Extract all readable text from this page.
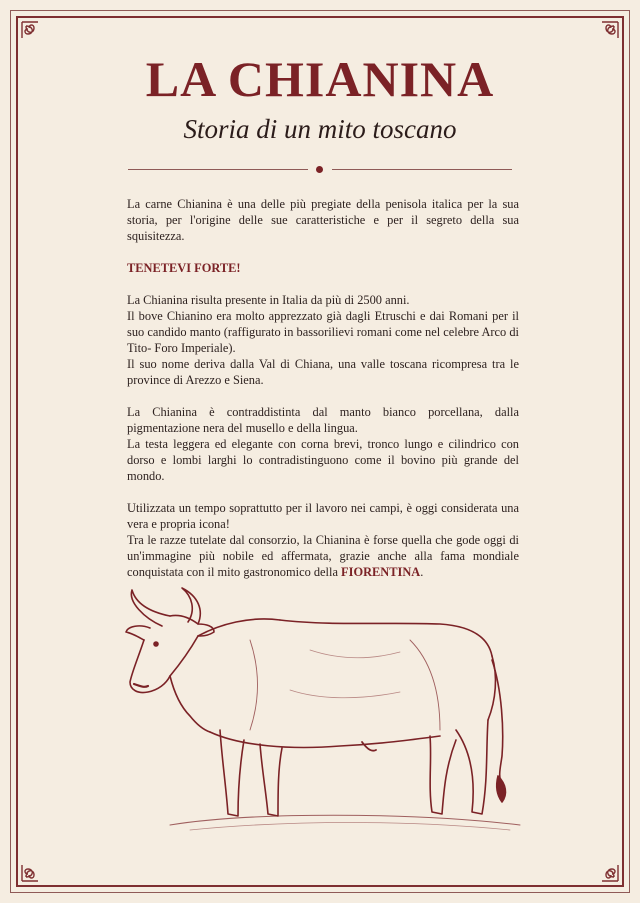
LA CHIANINA
Storia di un mito toscano

La carne Chianina è una delle più pregiate della penisola italica per la sua storia, per l'origine delle sue caratteristiche e per il segreto della sua squisitezza.

TENETEVI FORTE!

La Chianina risulta presente in Italia da più di 2500 anni.
Il bove Chianino era molto apprezzato già dagli Etruschi e dai Romani per il suo candido manto (raffigurato in bassorilievi romani come nel celebre Arco di Tito- Foro Imperiale).
Il suo nome deriva dalla Val di Chiana, una valle toscana ricompresa tra le province di Arezzo e Siena.

La Chianina è contraddistinta dal manto bianco porcellana, dalla pigmentazione nera del musello e della lingua.
La testa leggera ed elegante con corna brevi, tronco lungo e cilindrico con dorso e lombi larghi lo contradistinguono come il bovino più grande del mondo.

Utilizzata un tempo soprattutto per il lavoro nei campi, è oggi considerata una vera e propria icona!
Tra le razze tutelate dal consorzio, la Chianina è forse quella che gode oggi di un'immagine più nobile ed affermata, grazie anche alla fama mondiale conquistata con il mito gastronomico della FIORENTINA.
